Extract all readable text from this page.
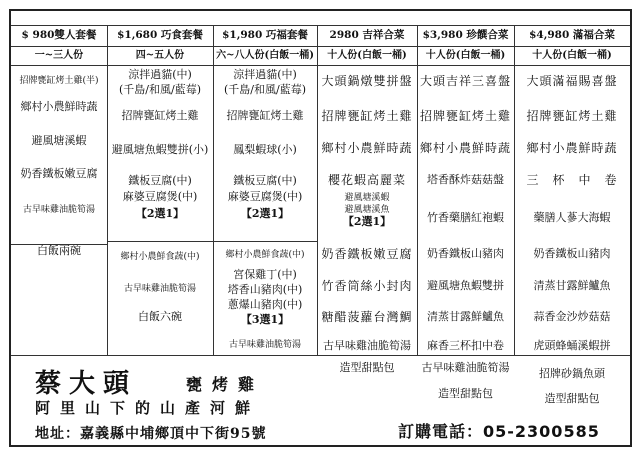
$ 980雙人套餐
一~三人份
招牌甕缸烤土雞(半)
鄉村小農鮮時蔬
避風塘溪蝦
奶香鐵板嫩豆腐
古早味雞油脆筍湯
白飯兩碗
$1,680 巧食套餐
四~五人份
涼拌過貓(中)
(千島/和風/藍莓)
招牌甕缸烤土雞
避風塘魚蝦雙拼(小)
鐵板豆腐(中)
麻婆豆腐煲(中)
【2選1】
鄉村小農鮮食蔬(中)
古早味雞油脆筍湯
白飯六碗
$1,980 巧福套餐
六~八人份(白飯一桶)
涼拌過貓(中)
(千島/和風/藍莓)
招牌甕缸烤土雞
鳳梨蝦球(小)
鐵板豆腐(中)
麻婆豆腐煲(中)
【2選1】
鄉村小農鮮食蔬(中)
宮保雞丁(中)
塔香山豬肉(中)
蔥爆山豬肉(中)
【3選1】
古早味雞油脆筍湯
2980 吉祥合菜
十人份(白飯一桶)
大頭鍋燉雙拼盤
招牌甕缸烤土雞
鄉村小農鮮時蔬
櫻花蝦高麗菜
避風塘溪蝦
避風塘溪魚
【2選1】
奶香鐵板嫩豆腐
竹香筒絲小封肉
糖醋菠蘿台灣鯛
古早味雞油脆筍湯
造型甜點包
$3,980 珍饌合菜
十人份(白飯一桶)
大頭吉祥三喜盤
招牌甕缸烤土雞
鄉村小農鮮時蔬
塔香酥炸菇菇盤
竹香藥膳紅袍蝦
奶香鐵板山豬肉
避風塘魚蝦雙拼
清蒸甘露鮮鱸魚
麻香三杯扣中卷
古早味雞油脆筍湯
造型甜點包
$4,980 滿福合菜
十人份(白飯一桶)
大頭滿福賜喜盤
招牌甕缸烤土雞
鄉村小農鮮時蔬
三　杯　中　卷
藥膳人蔘大海蝦
奶香鐵板山豬肉
清蒸甘露鮮鱸魚
蒜香金沙炒菇菇
虎頭蜂蛹溪蝦拼
招牌砂鍋魚頭
造型甜點包
蔡大頭	甕烤雞
阿里山下的山產河鮮
地址：嘉義縣中埔鄉頂中下街95號	訂購電話：05-2300585
